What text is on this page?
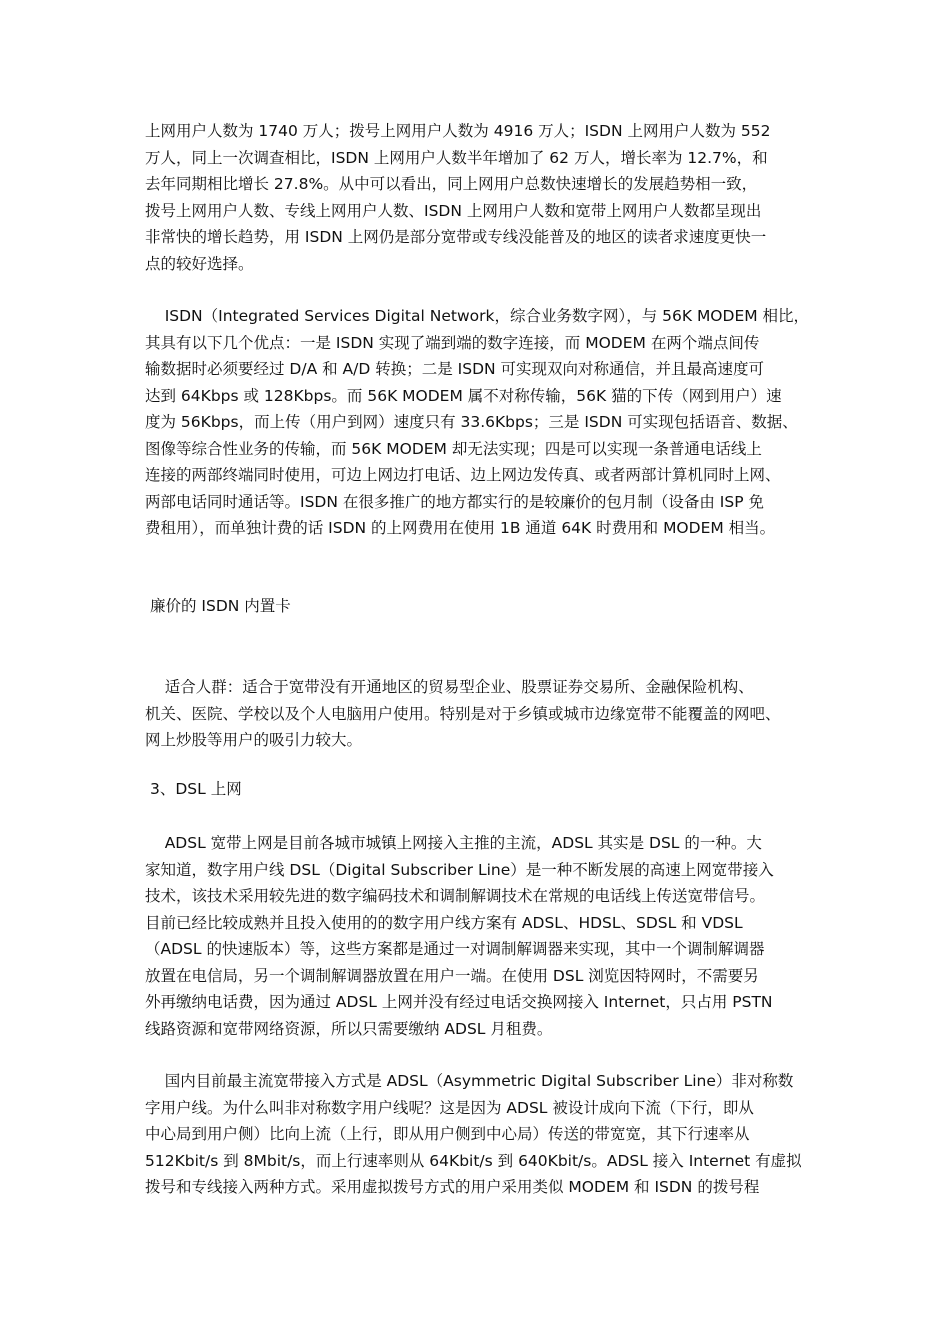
上网用户人数为 1740 万人；拨号上网用户人数为 4916 万人；ISDN 上网用户人数为 552
万人，同上一次调查相比，ISDN 上网用户人数半年增加了 62 万人，增长率为 12.7%，和
去年同期相比增长 27.8%。从中可以看出，同上网用户总数快速增长的发展趋势相一致，
拨号上网用户人数、专线上网用户人数、ISDN 上网用户人数和宽带上网用户人数都呈现出
非常快的增长趋势，用 ISDN 上网仍是部分宽带或专线没能普及的地区的读者求速度更快一
点的较好选择。
ISDN（Integrated Services Digital Network，综合业务数字网），与 56K MODEM 相比，
其具有以下几个优点：一是 ISDN 实现了端到端的数字连接，而 MODEM 在两个端点间传
输数据时必须要经过 D/A 和 A/D 转换；二是 ISDN 可实现双向对称通信，并且最高速度可
达到 64Kbps 或 128Kbps。而 56K MODEM 属不对称传输，56K 猫的下传（网到用户）速
度为 56Kbps，而上传（用户到网）速度只有 33.6Kbps；三是 ISDN 可实现包括语音、数据、
图像等综合性业务的传输，而 56K MODEM 却无法实现；四是可以实现一条普通电话线上
连接的两部终端同时使用，可边上网边打电话、边上网边发传真、或者两部计算机同时上网、
两部电话同时通话等。ISDN 在很多推广的地方都实行的是较廉价的包月制（设备由 ISP 免
费租用），而单独计费的话 ISDN 的上网费用在使用 1B 通道 64K 时费用和 MODEM 相当。
廉价的 ISDN 内置卡
适合人群：适合于宽带没有开通地区的贸易型企业、股票证券交易所、金融保险机构、
机关、医院、学校以及个人电脑用户使用。特别是对于乡镇或城市边缘宽带不能覆盖的网吧、
网上炒股等用户的吸引力较大。
3、DSL 上网
ADSL 宽带上网是目前各城市城镇上网接入主推的主流，ADSL 其实是 DSL 的一种。大
家知道，数字用户线 DSL（Digital Subscriber Line）是一种不断发展的高速上网宽带接入
技术，该技术采用较先进的数字编码技术和调制解调技术在常规的电话线上传送宽带信号。
目前已经比较成熟并且投入使用的的数字用户线方案有 ADSL、HDSL、SDSL 和 VDSL
（ADSL 的快速版本）等，这些方案都是通过一对调制解调器来实现，其中一个调制解调器
放置在电信局，另一个调制解调器放置在用户一端。在使用 DSL 浏览因特网时，不需要另
外再缴纳电话费，因为通过 ADSL 上网并没有经过电话交换网接入 Internet，只占用 PSTN
线路资源和宽带网络资源，所以只需要缴纳 ADSL 月租费。
国内目前最主流宽带接入方式是 ADSL（Asymmetric Digital Subscriber Line）非对称数
字用户线。为什么叫非对称数字用户线呢？这是因为 ADSL 被设计成向下流（下行，即从
中心局到用户侧）比向上流（上行，即从用户侧到中心局）传送的带宽宽，其下行速率从
512Kbit/s 到 8Mbit/s，而上行速率则从 64Kbit/s 到 640Kbit/s。ADSL 接入 Internet 有虚拟
拨号和专线接入两种方式。采用虚拟拨号方式的用户采用类似 MODEM 和 ISDN 的拨号程
